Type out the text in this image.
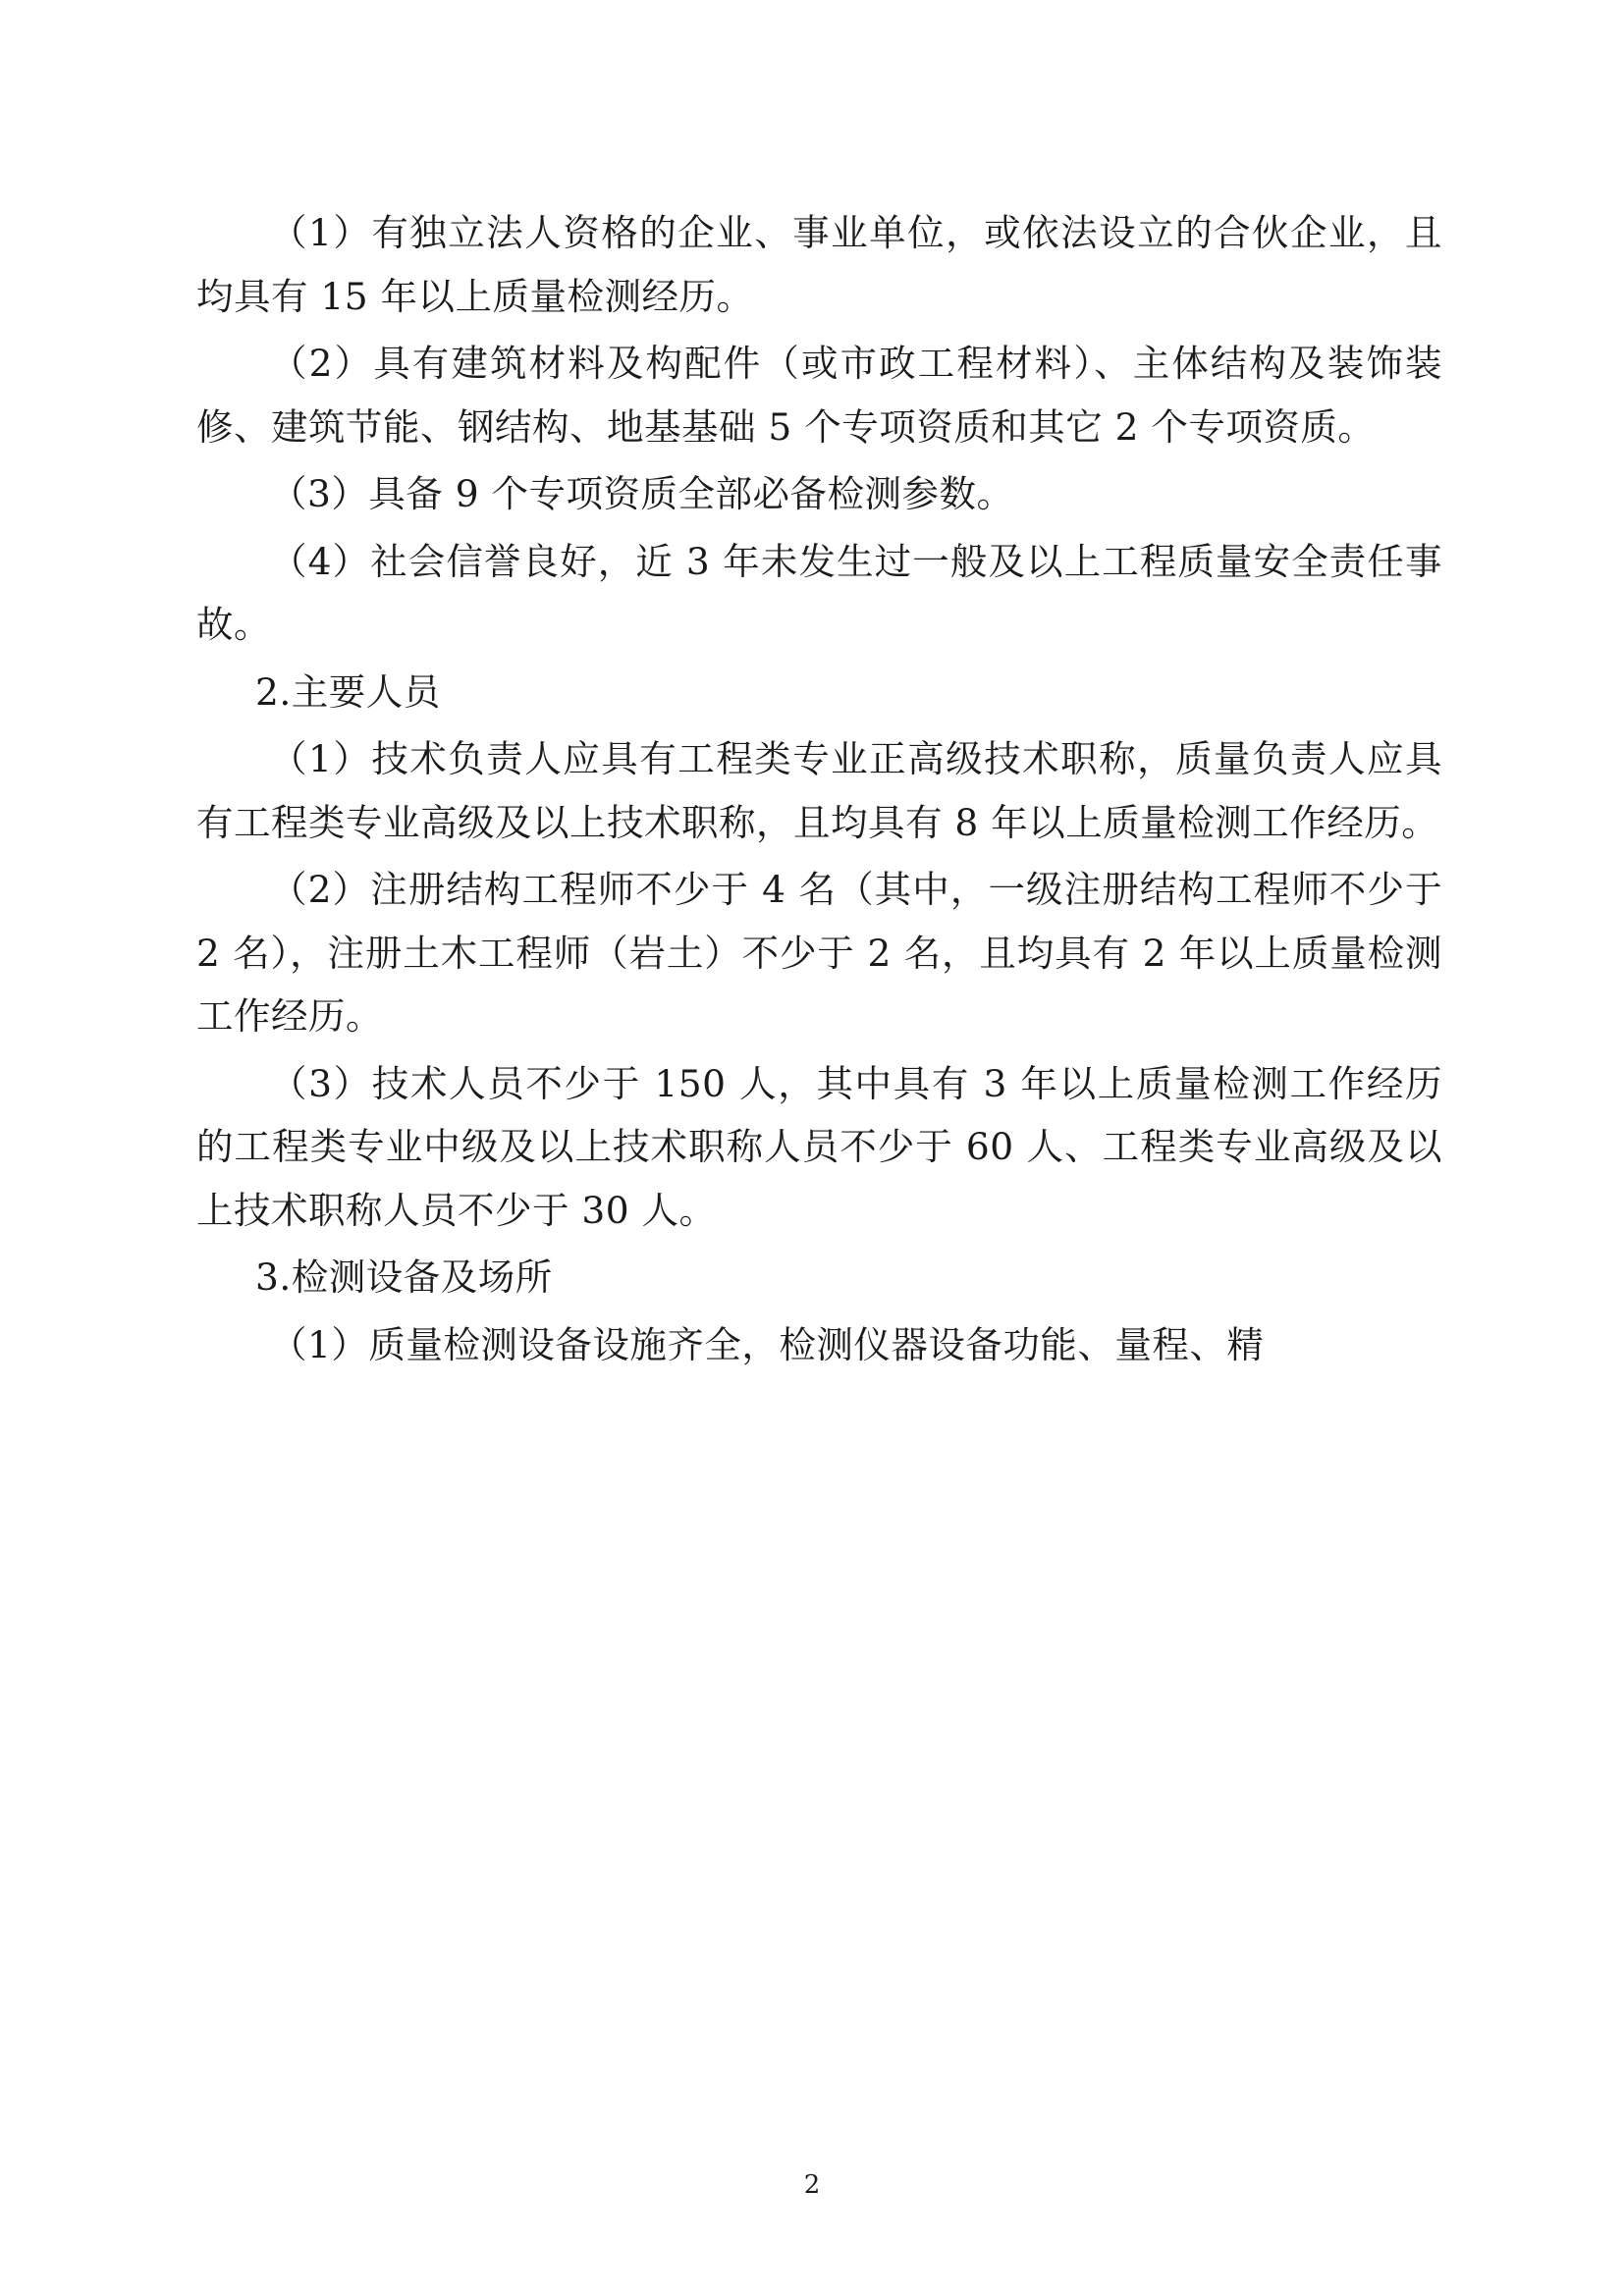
（1）有独立法人资格的企业、事业单位，或依法设立的合伙企业，且均具有 15 年以上质量检测经历。

（2）具有建筑材料及构配件（或市政工程材料）、主体结构及装饰装修、建筑节能、钢结构、地基基础 5 个专项资质和其它 2 个专项资质。

（3）具备 9 个专项资质全部必备检测参数。

（4）社会信誉良好，近 3 年未发生过一般及以上工程质量安全责任事故。

2.主要人员

（1）技术负责人应具有工程类专业正高级技术职称，质量负责人应具有工程类专业高级及以上技术职称，且均具有 8 年以上质量检测工作经历。

（2）注册结构工程师不少于 4 名（其中，一级注册结构工程师不少于 2 名），注册土木工程师（岩土）不少于 2 名，且均具有 2 年以上质量检测工作经历。

（3）技术人员不少于 150 人，其中具有 3 年以上质量检测工作经历的工程类专业中级及以上技术职称人员不少于 60 人、工程类专业高级及以上技术职称人员不少于 30 人。

3.检测设备及场所

（1）质量检测设备设施齐全，检测仪器设备功能、量程、精

2
